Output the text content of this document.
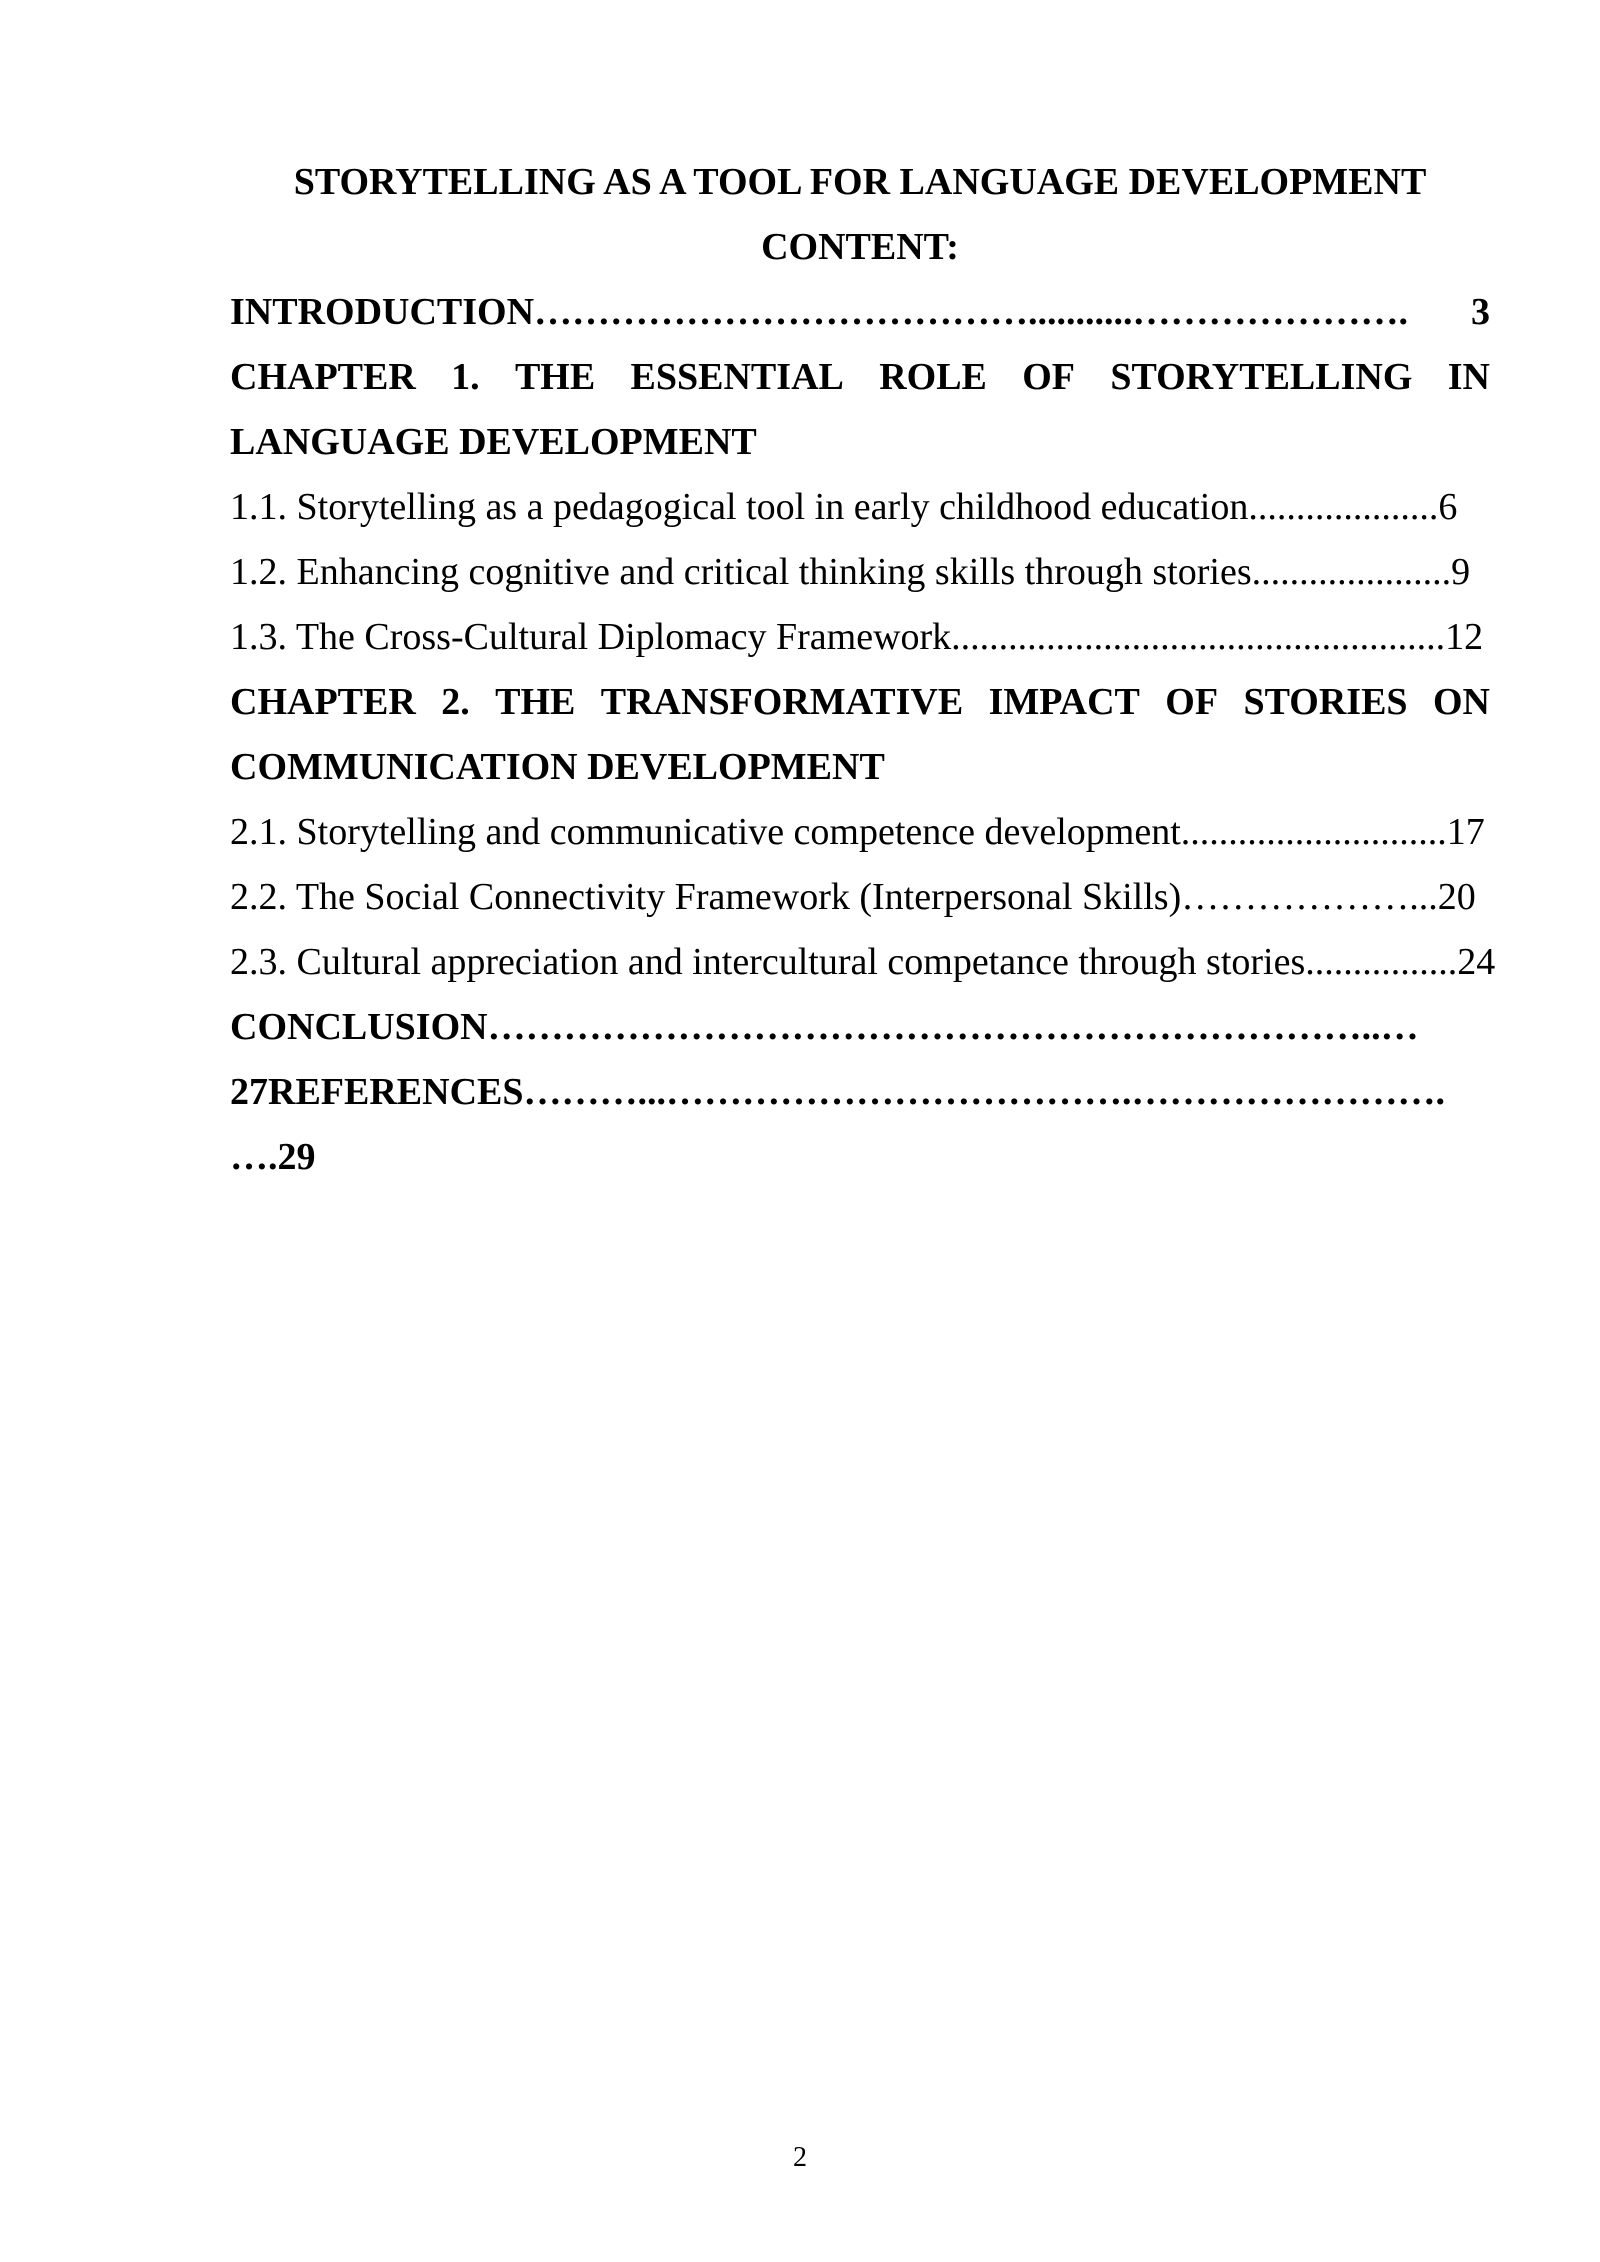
STORYTELLING AS A TOOL FOR LANGUAGE DEVELOPMENT
CONTENT:
INTRODUCTION…………………………………...........…………………. 3
CHAPTER 1. THE ESSENTIAL ROLE OF STORYTELLING IN
LANGUAGE DEVELOPMENT
1.1. Storytelling as a pedagogical tool in early childhood education....................6
1.2. Enhancing cognitive and critical thinking skills through stories.....................9
1.3. The Cross-Cultural Diplomacy Framework....................................................12
CHAPTER 2. THE TRANSFORMATIVE IMPACT OF STORIES ON
COMMUNICATION DEVELOPMENT
2.1. Storytelling and communicative competence development............................17
2.2. The Social Connectivity Framework (Interpersonal Skills)………………...20
2.3. Cultural appreciation and intercultural competance through stories................24
CONCLUSION……………………………………………………………..…
27REFERENCES………...……………………………….…………………….
….29
2
